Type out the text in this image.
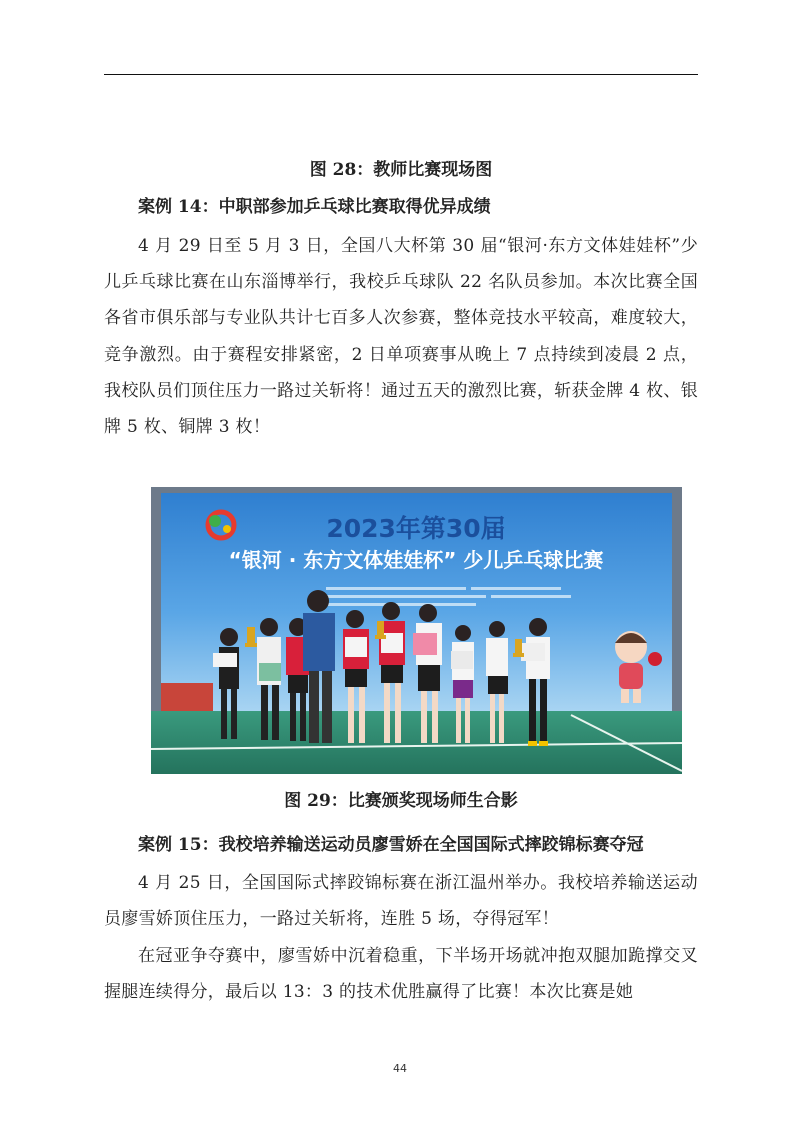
图 28：教师比赛现场图
案例 14：中职部参加乒乓球比赛取得优异成绩

4 月 29 日至 5 月 3 日，全国八大杯第 30 届“银河·东方文体娃娃杯”少儿乒乓球比赛在山东淄博举行，我校乒乓球队 22 名队员参加。本次比赛全国各省市俱乐部与专业队共计七百多人次参赛，整体竞技水平较高，难度较大，竞争激烈。由于赛程安排紧密，2 日单项赛事从晚上 7 点持续到凌晨 2 点，我校队员们顶住压力一路过关斩将！通过五天的激烈比赛，斩获金牌 4 枚、银牌 5 枚、铜牌 3 枚！

2023年第30届
“银河 · 东方文体娃娃杯” 少儿乒乓球比赛
图 29：比赛颁奖现场师生合影
案例 15：我校培养输送运动员廖雪娇在全国国际式摔跤锦标赛夺冠

4 月 25 日，全国国际式摔跤锦标赛在浙江温州举办。我校培养输送运动员廖雪娇顶住压力，一路过关斩将，连胜 5 场，夺得冠军！

在冠亚争夺赛中，廖雪娇中沉着稳重，下半场开场就冲抱双腿加跪撑交叉握腿连续得分，最后以 13：3 的技术优胜赢得了比赛！本次比赛是她

44
